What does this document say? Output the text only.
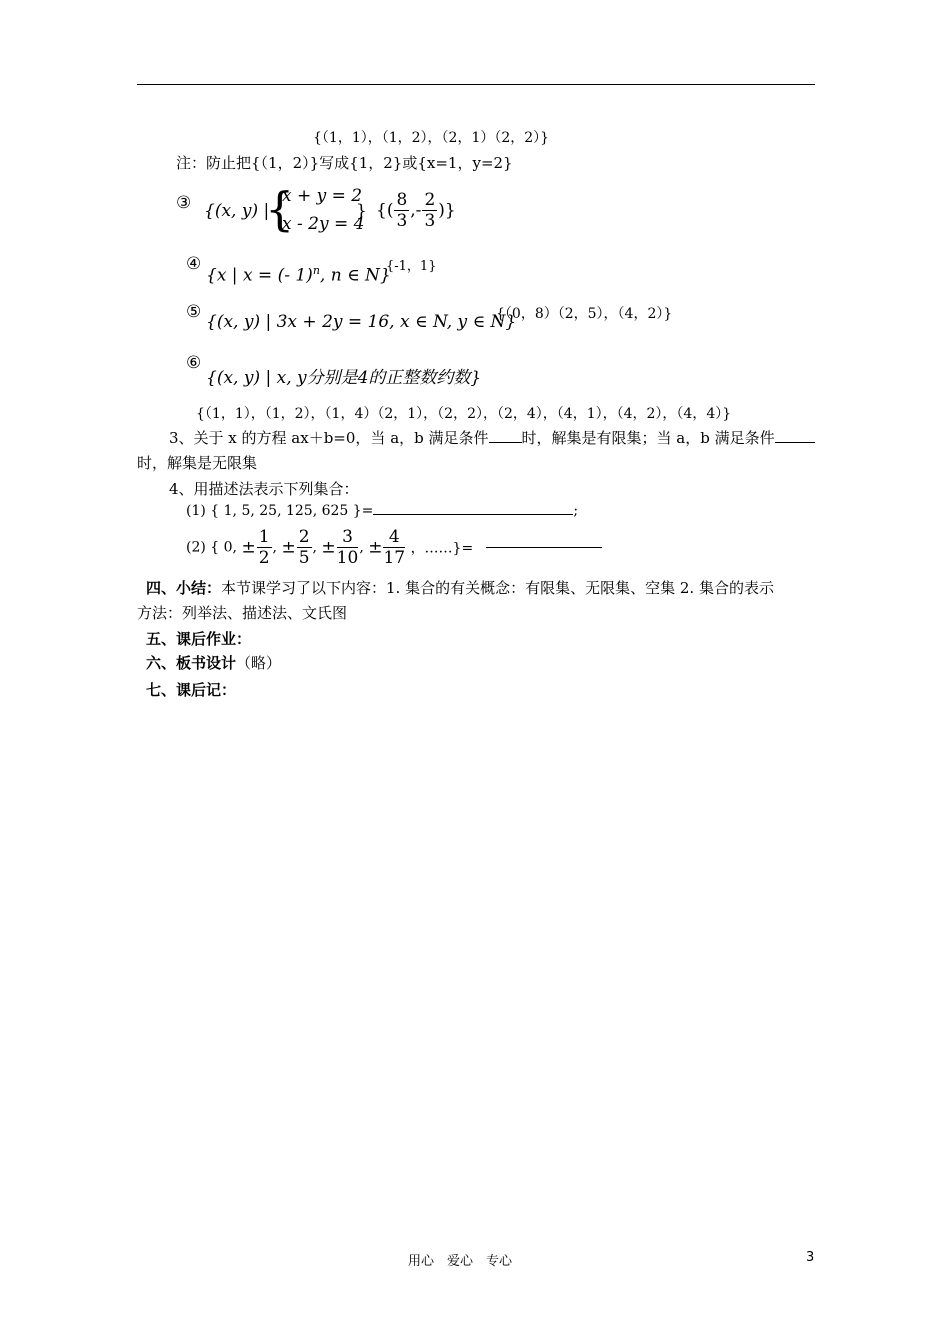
{（1，1），（1，2），（2，1）（2，2）}
注：防止把{（1，2）}写成{1，2}或{x=1，y=2}
③ {(x, y) |
{
x + y = 2
x - 2y = 4
} {( $\frac{8}{3}$ ,- $\frac{2}{3}$ )}
④
{x | x = (- 1)$^n$, n ∈ N}
{-1，1}
⑤ {(x, y) | 3x + 2y = 16, x ∈ N, y ∈ N}
{（0，8）（2，5），（4，2）}
⑥
{(x, y) | x, y分别是4的正整数约数}
{（1，1），（1，2），（1，4）（2，1），（2，2），（2，4），（4，1），（4，2），（4，4）}
3、关于 x 的方程 ax＋b=0，当 a，b 满足条件 时，解集是有限集；当 a，b 满足条件
时，解集是无限集
4、用描述法表示下列集合：
(1) { 1, 5, 25, 125, 625 }=	;
(2) { 0, ± $\frac{1}{2}$ , ± $\frac{2}{5}$ , ± $\frac{3}{10}$ , ± $\frac{4}{17}$ ，……}=
四、小结：本节课学习了以下内容：1. 集合的有关概念：有限集、无限集、空集 2. 集合的表示
方法：列举法、描述法、文氏图
五、课后作业：
六、板书设计（略）
七、课后记：
用心　爱心　专心	3
